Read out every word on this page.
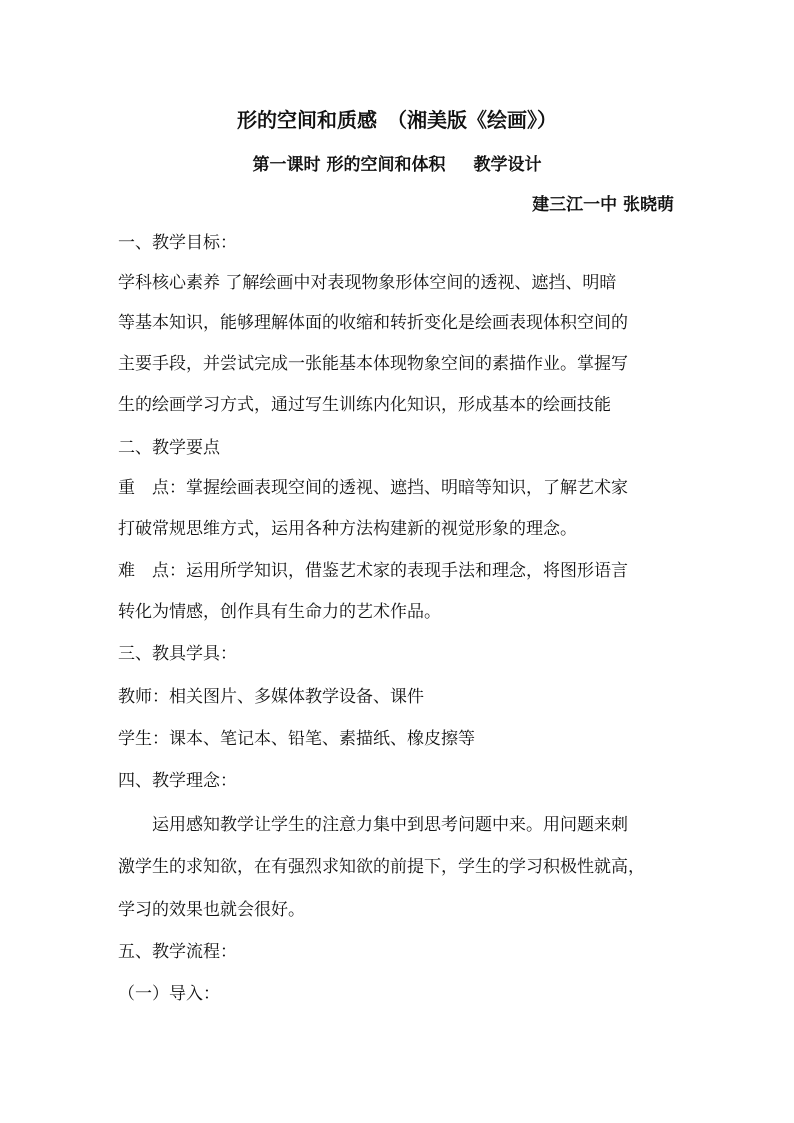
形的空间和质感　（湘美版《绘画》）
第一课时 形的空间和体积 教学设计
建三江一中 张晓萌
一、教学目标：
学科核心素养 了解绘画中对表现物象形体空间的透视、遮挡、明暗
等基本知识，能够理解体面的收缩和转折变化是绘画表现体积空间的
主要手段，并尝试完成一张能基本体现物象空间的素描作业。掌握写
生的绘画学习方式，通过写生训练内化知识，形成基本的绘画技能
二、教学要点
重　点：掌握绘画表现空间的透视、遮挡、明暗等知识，了解艺术家
打破常规思维方式，运用各种方法构建新的视觉形象的理念。
难　点：运用所学知识，借鉴艺术家的表现手法和理念，将图形语言
转化为情感，创作具有生命力的艺术作品。
三、教具学具：
教师：相关图片、多媒体教学设备、课件
学生：课本、笔记本、铅笔、素描纸、橡皮擦等
四、教学理念：
　　运用感知教学让学生的注意力集中到思考问题中来。用问题来刺
激学生的求知欲，在有强烈求知欲的前提下，学生的学习积极性就高，
学习的效果也就会很好。
五、教学流程：
（一）导入：
